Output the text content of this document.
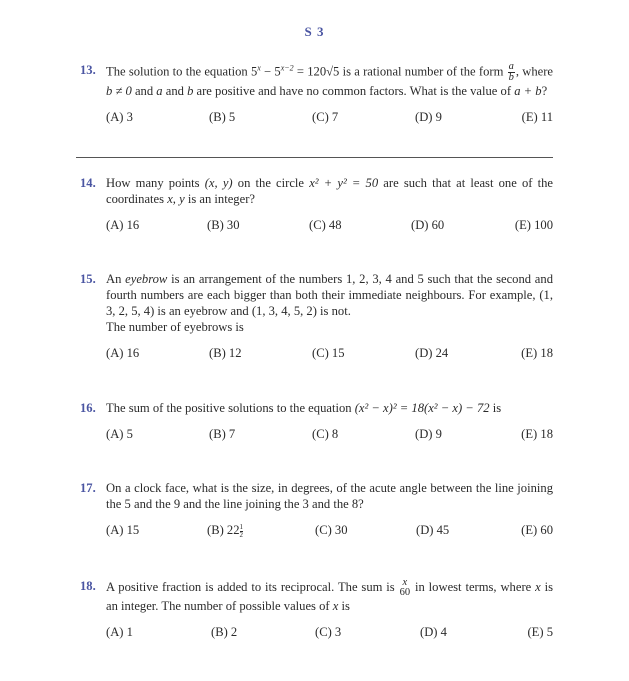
S 3
13. The solution to the equation $5^x - 5^{x-2} = 120√5$ is a rational number of the form $\frac{a}{b}$ , where b ≠ 0 and a and b are positive and have no common factors. What is the value of a + b?
(A) 3	(B) 5	(C) 7	(D) 9	(E) 11
14. How many points (x, y) on the circle x² + y² = 50 are such that at least one of the coordinates x, y is an integer?
(A) 16	(B) 30	(C) 48	(D) 60	(E) 100
15. An eyebrow is an arrangement of the numbers 1, 2, 3, 4 and 5 such that the second and fourth numbers are each bigger than both their immediate neighbours. For example, (1, 3, 2, 5, 4) is an eyebrow and (1, 3, 4, 5, 2) is not.
The number of eyebrows is
(A) 16	(B) 12	(C) 15	(D) 24	(E) 18
16. The sum of the positive solutions to the equation (x² − x)² = 18(x² − x) − 72 is
(A) 5	(B) 7	(C) 8	(D) 9	(E) 18
17. On a clock face, what is the size, in degrees, of the acute angle between the line joining the 5 and the 9 and the line joining the 3 and the 8?
(A) 15	(B) $22 \frac{1}{2}$	(C) 30	(D) 45	(E) 60
18. A positive fraction is added to its reciprocal. The sum is x
60 in lowest terms, where x is an integer. The number of possible values of x is
(A) 1	(B) 2	(C) 3	(D) 4	(E) 5
